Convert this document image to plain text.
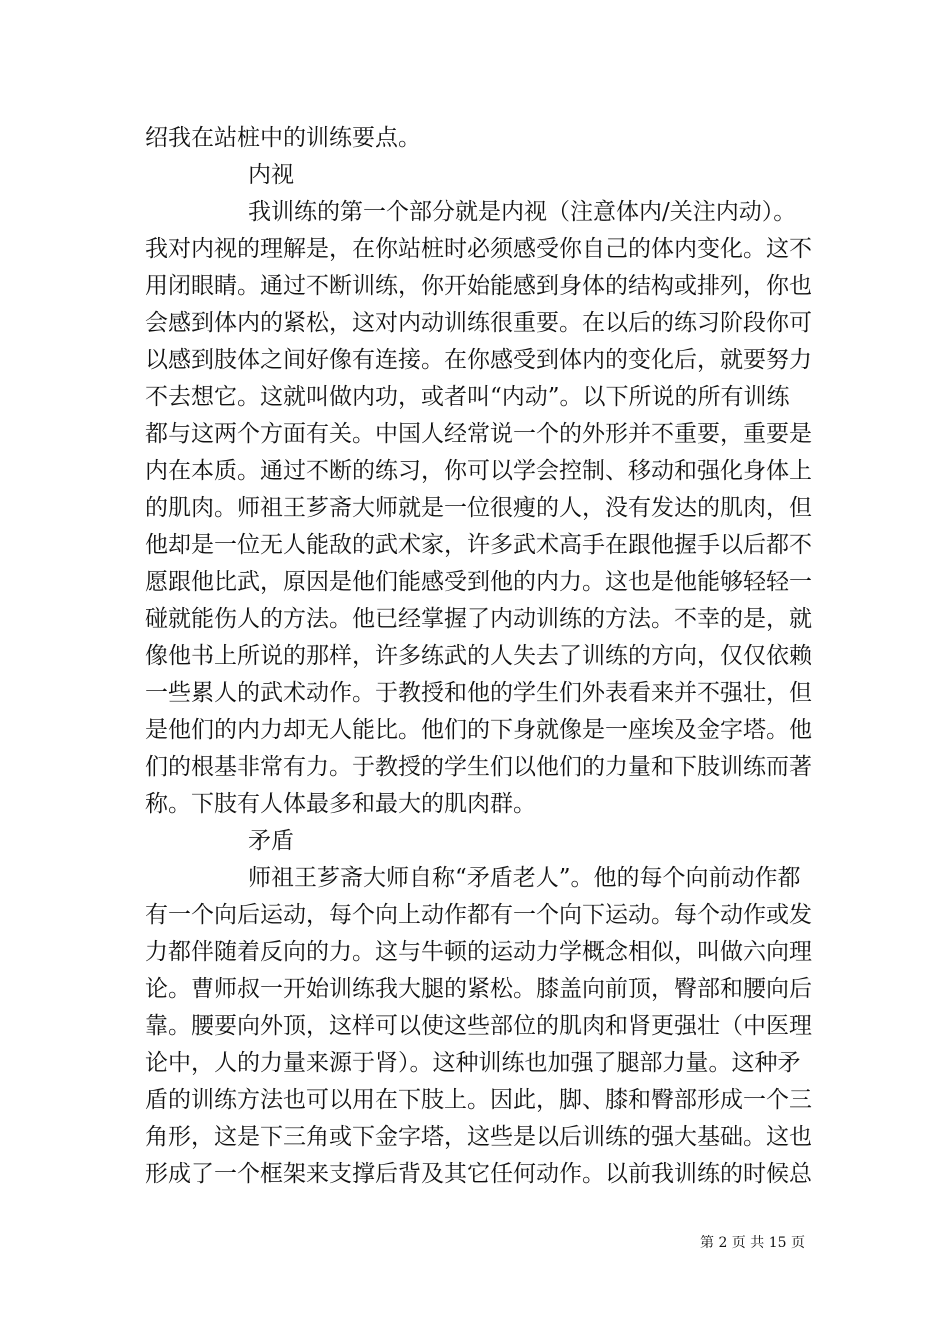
绍我在站桩中的训练要点。
内视
我训练的第一个部分就是内视（注意体内/关注内动）。
我对内视的理解是，在你站桩时必须感受你自己的体内变化。这不
用闭眼睛。通过不断训练，你开始能感到身体的结构或排列，你也
会感到体内的紧松，这对内动训练很重要。在以后的练习阶段你可
以感到肢体之间好像有连接。在你感受到体内的变化后，就要努力
不去想它。这就叫做内功，或者叫“内动”。以下所说的所有训练
都与这两个方面有关。中国人经常说一个的外形并不重要，重要是
内在本质。通过不断的练习，你可以学会控制、移动和强化身体上
的肌肉。师祖王芗斋大师就是一位很瘦的人，没有发达的肌肉，但
他却是一位无人能敌的武术家，许多武术高手在跟他握手以后都不
愿跟他比武，原因是他们能感受到他的内力。这也是他能够轻轻一
碰就能伤人的方法。他已经掌握了内动训练的方法。不幸的是，就
像他书上所说的那样，许多练武的人失去了训练的方向，仅仅依赖
一些累人的武术动作。于教授和他的学生们外表看来并不强壮，但
是他们的内力却无人能比。他们的下身就像是一座埃及金字塔。他
们的根基非常有力。于教授的学生们以他们的力量和下肢训练而著
称。下肢有人体最多和最大的肌肉群。
矛盾
师祖王芗斋大师自称“矛盾老人”。他的每个向前动作都
有一个向后运动，每个向上动作都有一个向下运动。每个动作或发
力都伴随着反向的力。这与牛顿的运动力学概念相似，叫做六向理
论。曹师叔一开始训练我大腿的紧松。膝盖向前顶，臀部和腰向后
靠。腰要向外顶，这样可以使这些部位的肌肉和肾更强壮（中医理
论中，人的力量来源于肾）。这种训练也加强了腿部力量。这种矛
盾的训练方法也可以用在下肢上。因此，脚、膝和臀部形成一个三
角形，这是下三角或下金字塔，这些是以后训练的强大基础。这也
形成了一个框架来支撑后背及其它任何动作。以前我训练的时候总
第 2 页 共 15 页
